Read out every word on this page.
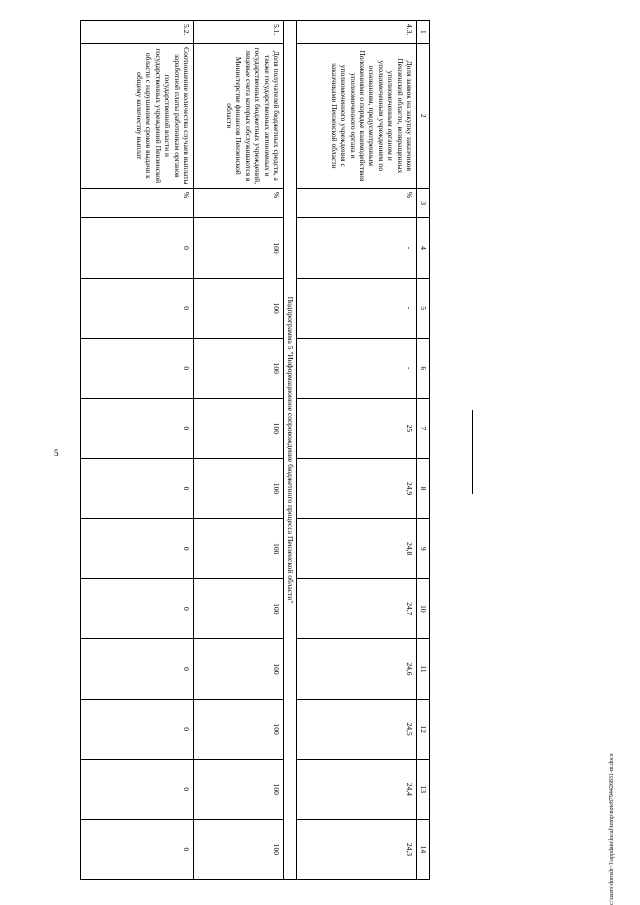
5
c:\users\dorosh~1\appdata\local\temp\note8794426831-m.docx
1	2	3	4	5	6	7	8	9	10	11	12	13	14
4.3.	Доля заявок на закупку заказчиков Пензенской области, возвращенных уполномоченным органом и уполномоченным учреждением по основаниям, предусмотренным Положениями о порядке взаимодействия уполномоченного органа и уполномоченного учреждения с заказчиками Пензенской области	%	-	-	-	25	24,9	24,8	24,7	24,6	24,5	24,4	24,3
Подпрограмма 5 "Информационное сопровождение бюджетного процесса Пензенской области"													
5.1.	Доля получателей бюджетных средств, а также государственных автономных и государственных бюджетных учреждений, лицевые счета которых обслуживаются в Министерстве финансов Пензенской области	%	100	100	100	100	100	100	100	100	100	100	100
5.2.	Соотношение количества случаев выплаты заработной платы работникам органов государственной власти и государственных учреждений Пензенской области с нарушением сроков выдачи к общему количеству выплат	%	0	0	0	0	0	0	0	0	0	0	0
